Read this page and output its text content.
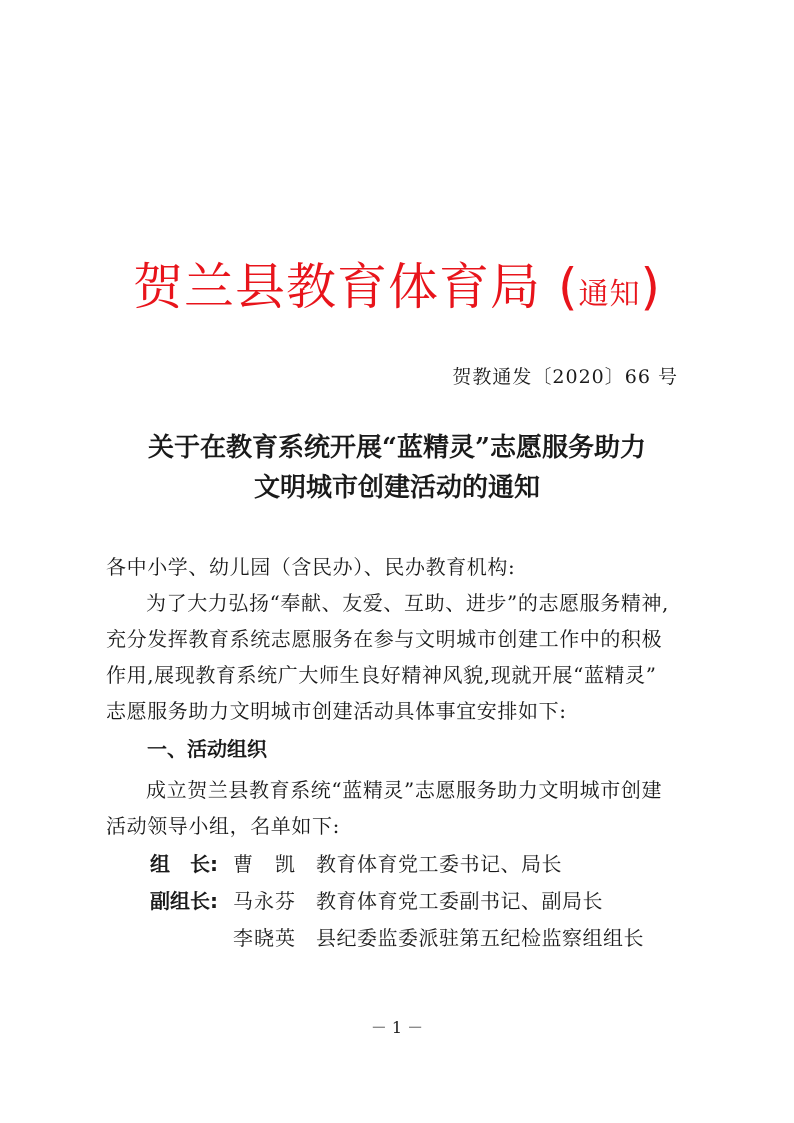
贺兰县教育体育局 (通知)
贺教通发〔2020〕66 号
关于在教育系统开展“蓝精灵”志愿服务助力
文明城市创建活动的通知
各中小学、幼儿园（含民办）、民办教育机构:
为了大力弘扬“奉献、友爱、互助、进步”的志愿服务精神,
充分发挥教育系统志愿服务在参与文明城市创建工作中的积极
作用,展现教育系统广大师生良好精神风貌,现就开展“蓝精灵”
志愿服务助力文明城市创建活动具体事宜安排如下:
一、活动组织
成立贺兰县教育系统“蓝精灵”志愿服务助力文明城市创建
活动领导小组，名单如下:
组　长: 曹　凯 教育体育党工委书记、局长
副组长: 马永芬 教育体育党工委副书记、副局长
李晓英 县纪委监委派驻第五纪检监察组组长
－ 1 －
